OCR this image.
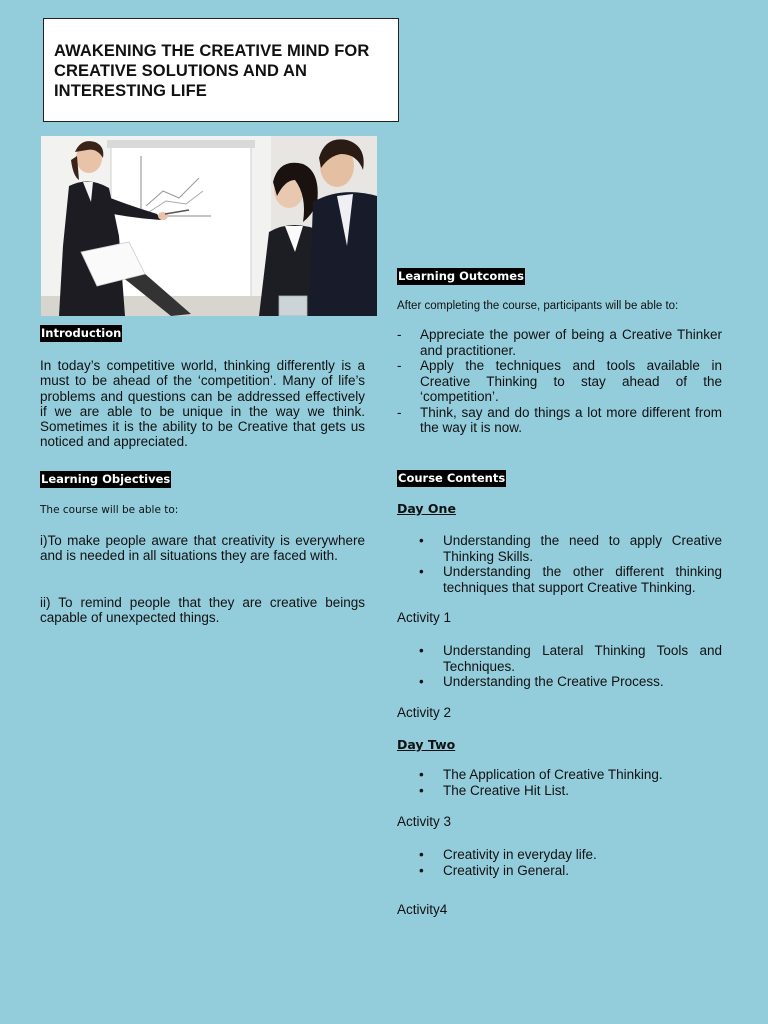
AWAKENING THE CREATIVE MIND FOR CREATIVE SOLUTIONS AND AN INTERESTING LIFE
Introduction

In today’s competitive world, thinking differently is a must to be ahead of the ‘competition’. Many of life’s problems and questions can be addressed effectively if we are able to be unique in the way we think. Sometimes it is the ability to be Creative that gets us noticed and appreciated.

Learning Objectives

The course will be able to:

i)To make people aware that creativity is everywhere and is needed in all situations they are faced with.

ii) To remind people that they are creative beings capable of unexpected things.

Learning Outcomes

After completing the course, participants will be able to:

- Appreciate the power of being a Creative Thinker and practitioner.
- Apply the techniques and tools available in Creative Thinking to stay ahead of the ‘competition’.
- Think, say and do things a lot more different from the way it is now.
Course Contents

Day One

• Understanding the need to apply Creative Thinking Skills.
• Understanding the other different thinking techniques that support Creative Thinking.

Activity 1

• Understanding Lateral Thinking Tools and Techniques.
• Understanding the Creative Process.

Activity 2

Day Two

• The Application of Creative Thinking.
• The Creative Hit List.

Activity 3

• Creativity in everyday life.
• Creativity in General.

Activity4
